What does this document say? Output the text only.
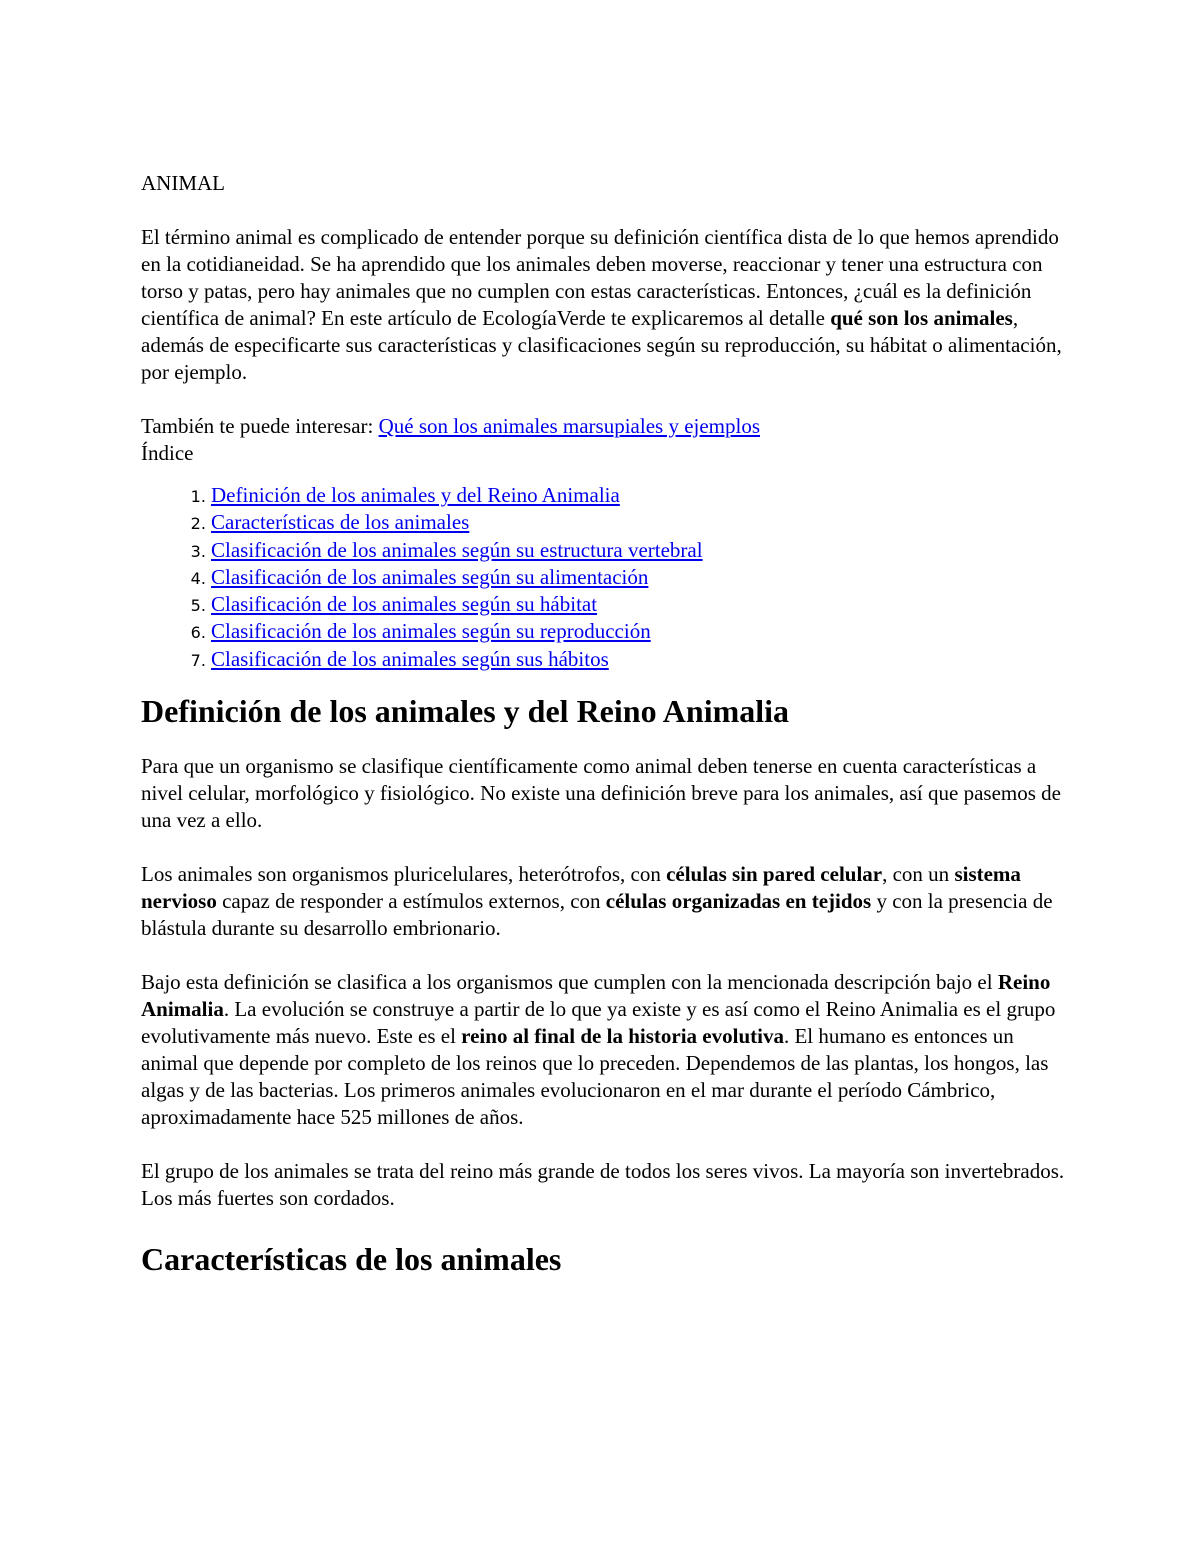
ANIMAL

El término animal es complicado de entender porque su definición científica dista de lo que hemos aprendido en la cotidianeidad. Se ha aprendido que los animales deben moverse, reaccionar y tener una estructura con torso y patas, pero hay animales que no cumplen con estas características. Entonces, ¿cuál es la definición científica de animal? En este artículo de EcologíaVerde te explicaremos al detalle qué son los animales, además de especificarte sus características y clasificaciones según su reproducción, su hábitat o alimentación, por ejemplo.

También te puede interesar: Qué son los animales marsupiales y ejemplos

Índice

1. Definición de los animales y del Reino Animalia
2. Características de los animales
3. Clasificación de los animales según su estructura vertebral
4. Clasificación de los animales según su alimentación
5. Clasificación de los animales según su hábitat
6. Clasificación de los animales según su reproducción
7. Clasificación de los animales según sus hábitos
Definición de los animales y del Reino Animalia

Para que un organismo se clasifique científicamente como animal deben tenerse en cuenta características a nivel celular, morfológico y fisiológico. No existe una definición breve para los animales, así que pasemos de una vez a ello.

Los animales son organismos pluricelulares, heterótrofos, con células sin pared celular, con un sistema nervioso capaz de responder a estímulos externos, con células organizadas en tejidos y con la presencia de blástula durante su desarrollo embrionario.

Bajo esta definición se clasifica a los organismos que cumplen con la mencionada descripción bajo el Reino Animalia. La evolución se construye a partir de lo que ya existe y es así como el Reino Animalia es el grupo evolutivamente más nuevo. Este es el reino al final de la historia evolutiva. El humano es entonces un animal que depende por completo de los reinos que lo preceden. Dependemos de las plantas, los hongos, las algas y de las bacterias. Los primeros animales evolucionaron en el mar durante el período Cámbrico, aproximadamente hace 525 millones de años.

El grupo de los animales se trata del reino más grande de todos los seres vivos. La mayoría son invertebrados. Los más fuertes son cordados.

Características de los animales
